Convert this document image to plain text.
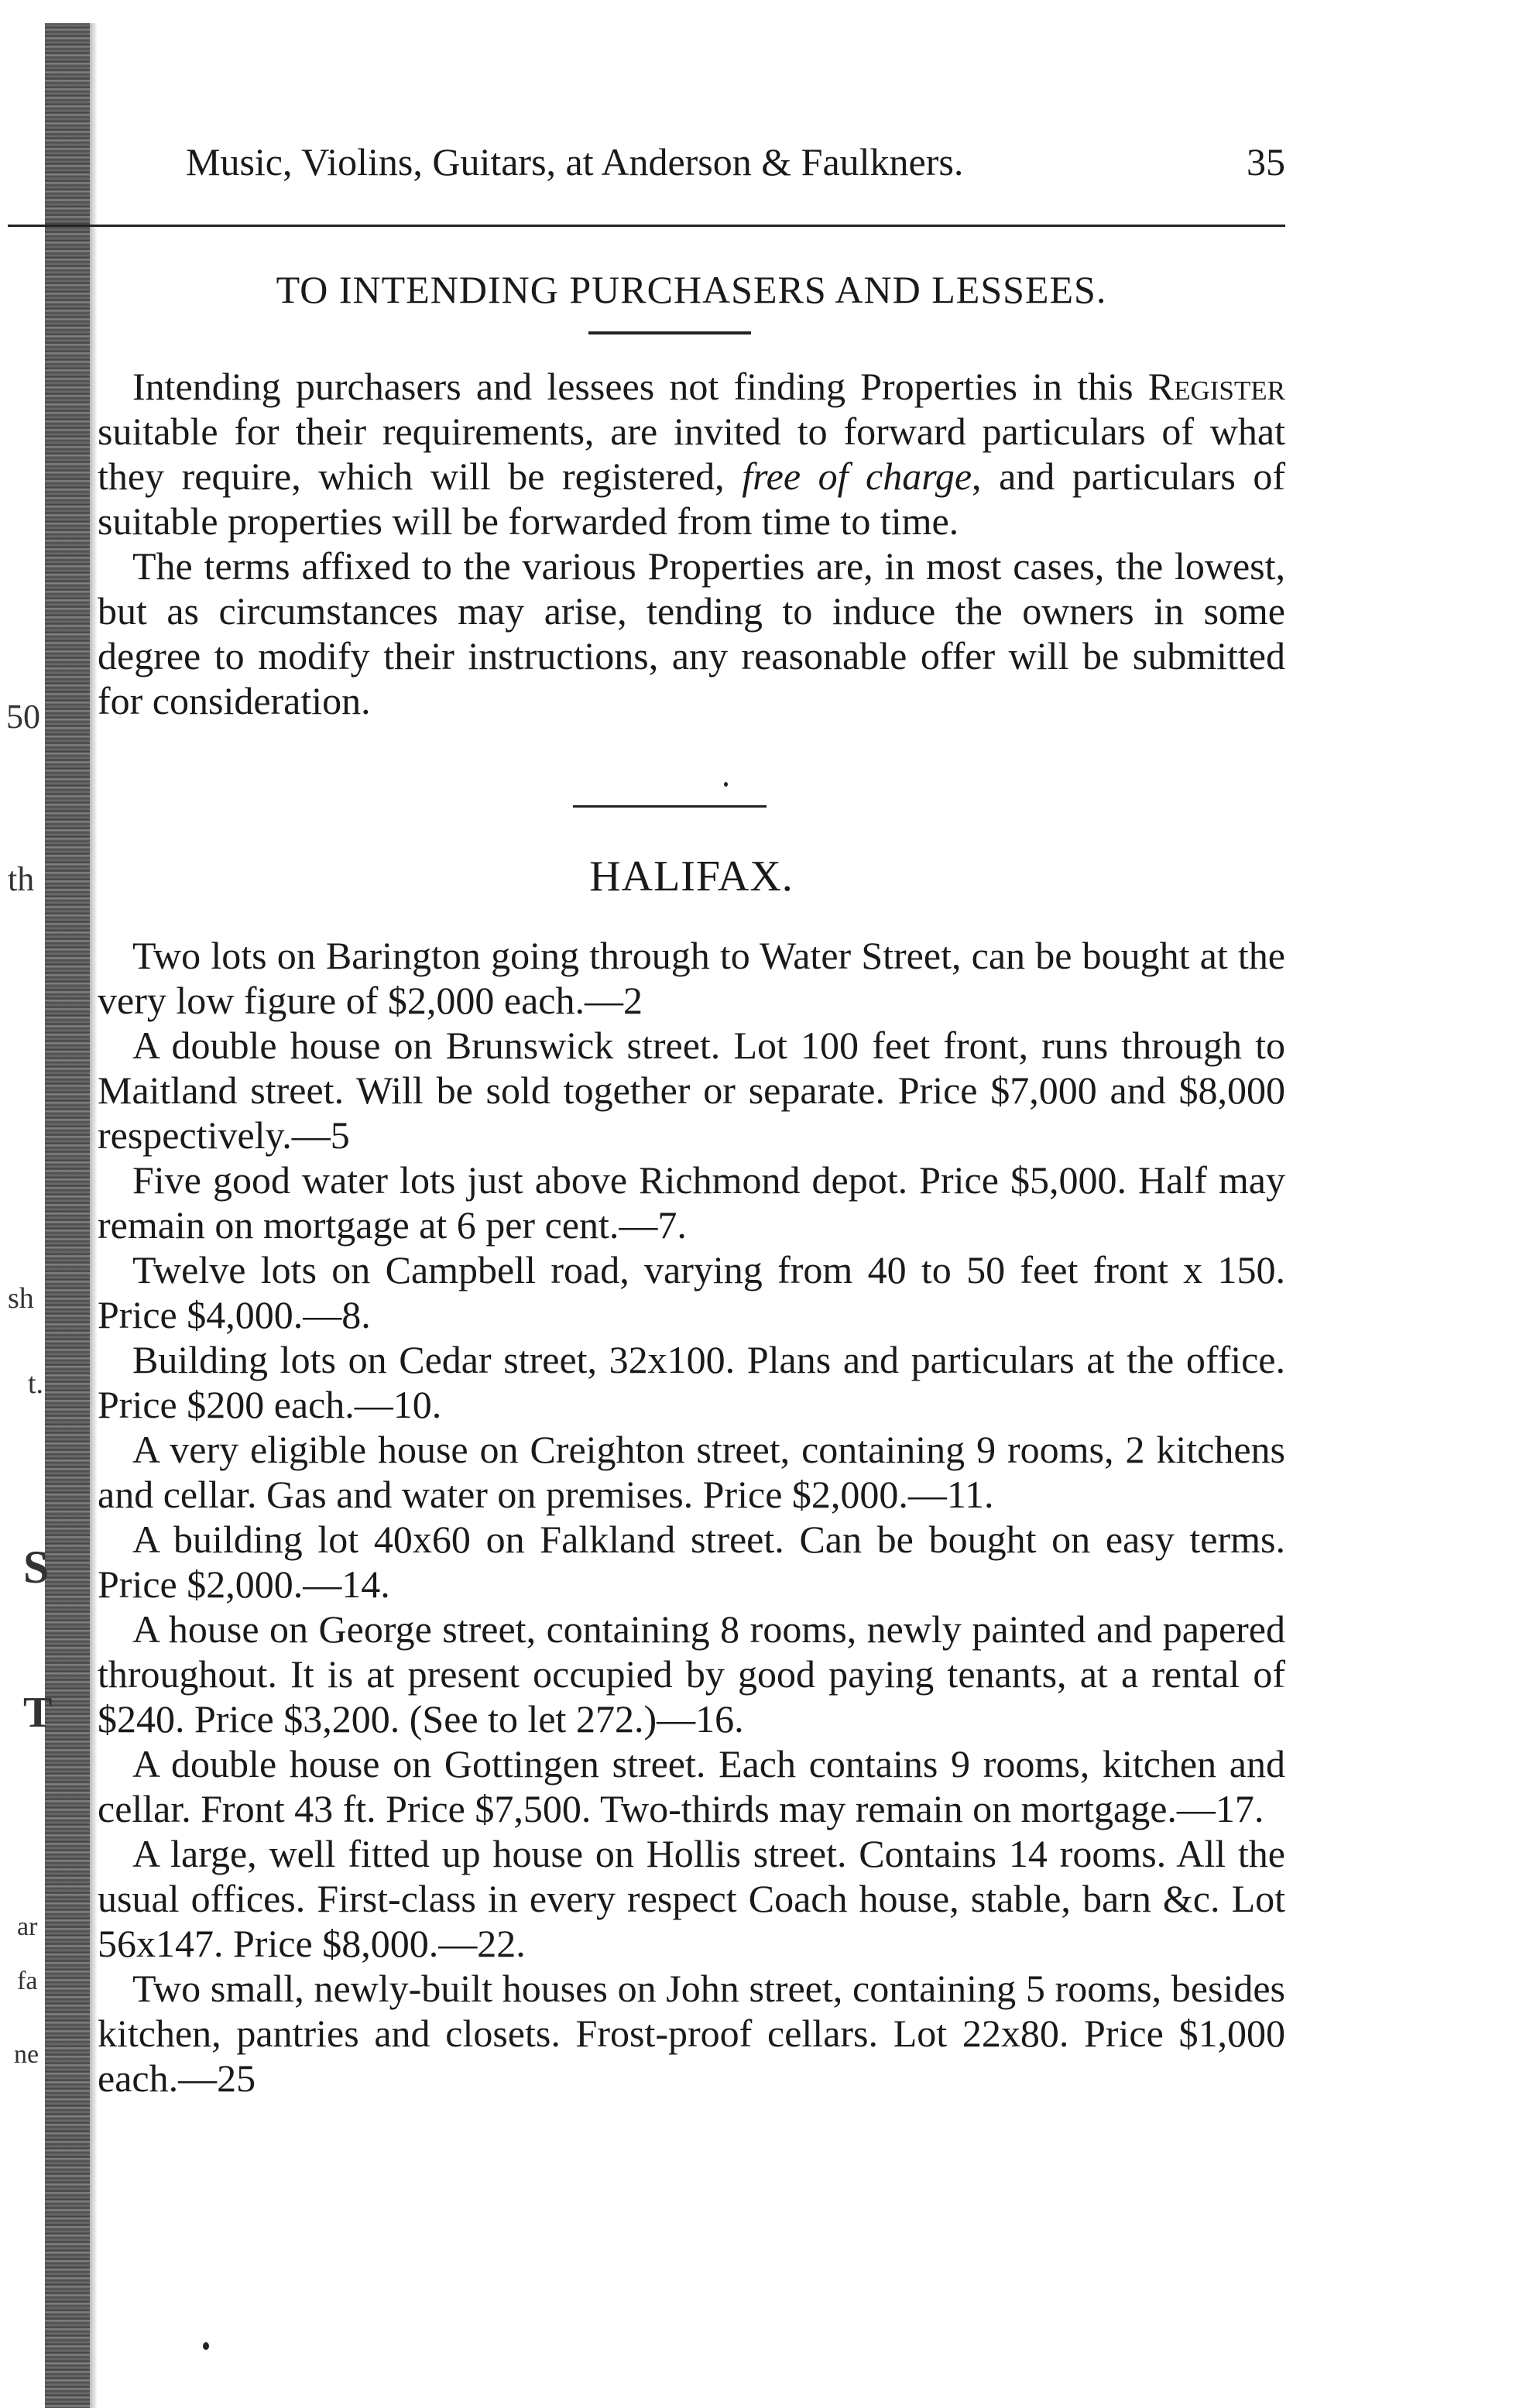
50
th
sh
t.
S
T
ar
fa
ne
Music, Violins, Guitars, at Anderson & Faulkners.	35
TO INTENDING PURCHASERS AND LESSEES.

Intending purchasers and lessees not finding Properties in this Register suitable for their requirements, are invited to forward particulars of what they require, which will be registered, free of charge, and particulars of suitable properties will be forwarded from time to time.

The terms affixed to the various Properties are, in most cases, the lowest, but as circumstances may arise, tending to induce the owners in some degree to modify their instructions, any reasonable offer will be submitted for consideration.

HALIFAX.

Two lots on Barington going through to Water Street, can be bought at the very low figure of $2,000 each.—2

A double house on Brunswick street. Lot 100 feet front, runs through to Maitland street. Will be sold together or separate. Price $7,000 and $8,000 respectively.—5

Five good water lots just above Richmond depot. Price $5,000. Half may remain on mortgage at 6 per cent.—7.

Twelve lots on Campbell road, varying from 40 to 50 feet front x 150. Price $4,000.—8.

Building lots on Cedar street, 32x100. Plans and particulars at the office. Price $200 each.—10.

A very eligible house on Creighton street, containing 9 rooms, 2 kitchens and cellar. Gas and water on premises. Price $2,000.—11.

A building lot 40x60 on Falkland street. Can be bought on easy terms. Price $2,000.—14.

A house on George street, containing 8 rooms, newly painted and papered throughout. It is at present occupied by good paying tenants, at a rental of $240. Price $3,200. (See to let 272.)—16.

A double house on Gottingen street. Each contains 9 rooms, kitchen and cellar. Front 43 ft. Price $7,500. Two-thirds may remain on mortgage.—17.

A large, well fitted up house on Hollis street. Contains 14 rooms. All the usual offices. First-class in every respect Coach house, stable, barn &c. Lot 56x147. Price $8,000.—22.

Two small, newly-built houses on John street, containing 5 rooms, besides kitchen, pantries and closets. Frost-proof cellars. Lot 22x80. Price $1,000 each.—25
